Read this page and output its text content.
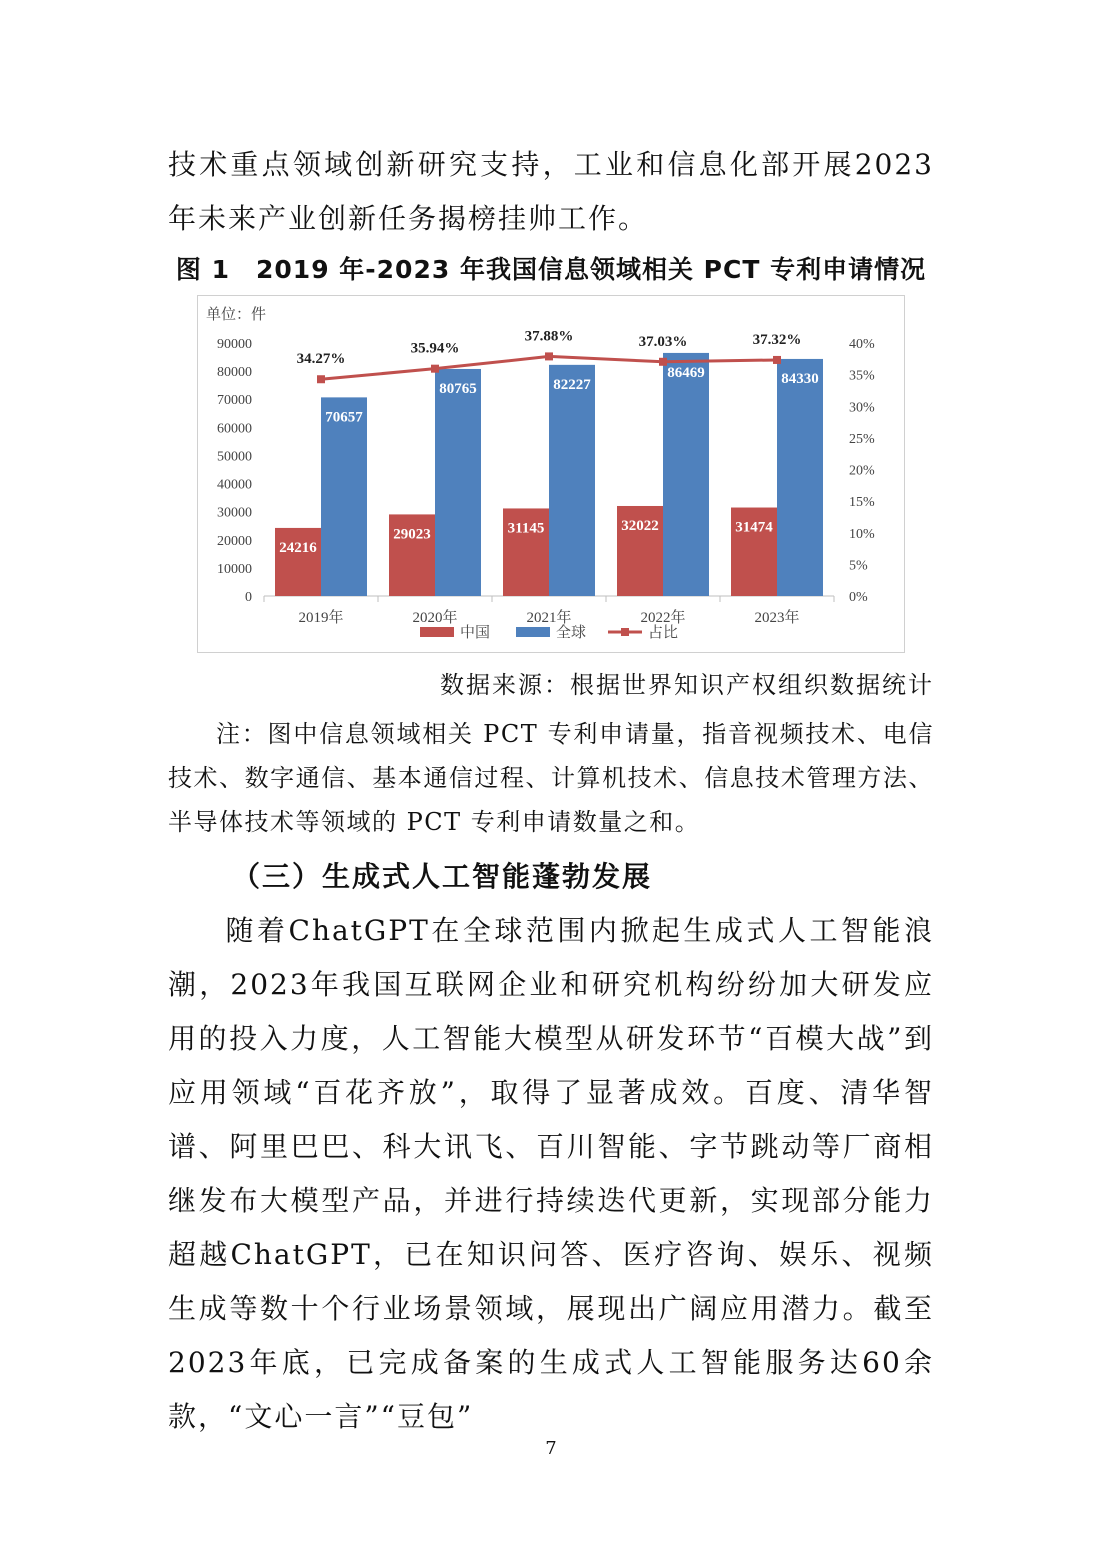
技术重点领域创新研究支持，工业和信息化部开展2023年未来产业创新任务揭榜挂帅工作。

图 1　2019 年-2023 年我国信息领域相关 PCT 专利申请情况
单位：件
0
10000
20000
30000
40000
50000
60000
70000
80000
90000
0%
5%
10%
15%
20%
25%
30%
35%
40%
24216
70657
2019年
29023
80765
2020年
31145
82227
2021年
32022
86469
2022年
31474
84330
2023年
34.27%
35.94%
37.88%	37.03%	37.32%
中国	全球	占比
数据来源：根据世界知识产权组织数据统计
注：图中信息领域相关 PCT 专利申请量，指音视频技术、电信
技术、数字通信、基本通信过程、计算机技术、信息技术管理方法、
半导体技术等领域的 PCT 专利申请数量之和。
（三）生成式人工智能蓬勃发展

随着ChatGPT在全球范围内掀起生成式人工智能浪潮，2023年我国互联网企业和研究机构纷纷加大研发应用的投入力度，人工智能大模型从研发环节“百模大战”到应用领域“百花齐放”，取得了显著成效。百度、清华智谱、阿里巴巴、科大讯飞、百川智能、字节跳动等厂商相继发布大模型产品，并进行持续迭代更新，实现部分能力超越ChatGPT，已在知识问答、医疗咨询、娱乐、视频生成等数十个行业场景领域，展现出广阔应用潜力。截至2023年底，已完成备案的生成式人工智能服务达60余款，“文心一言”“豆包”

7
